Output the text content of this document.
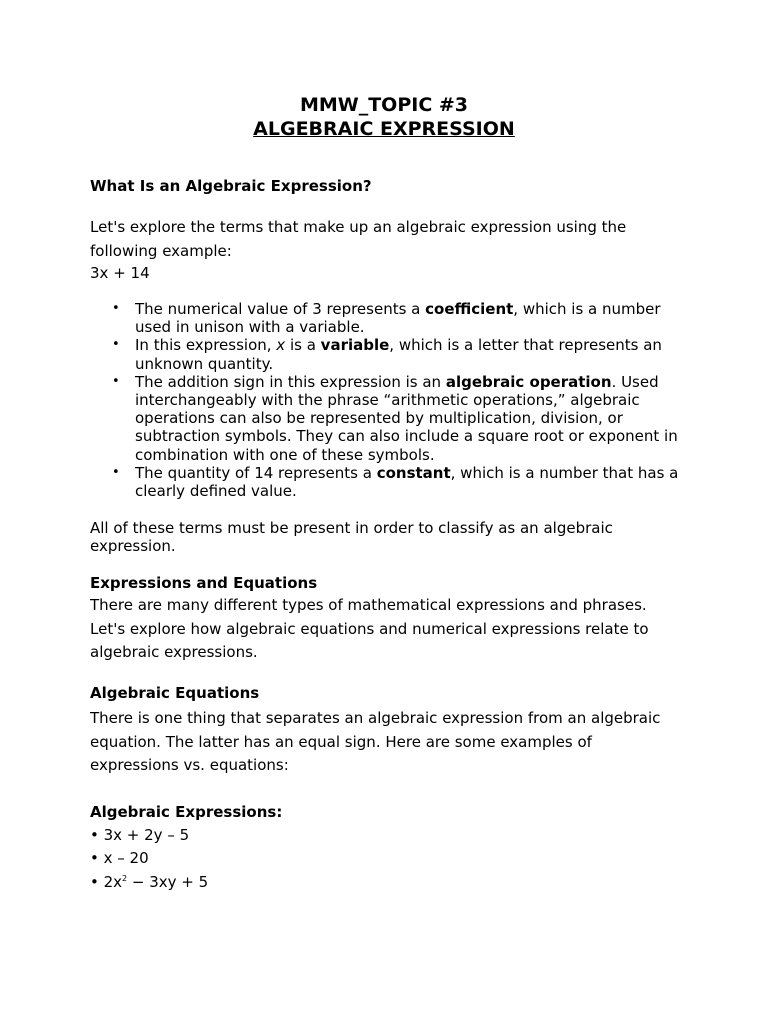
MMW_TOPIC #3
ALGEBRAIC EXPRESSION
What Is an Algebraic Expression?
Let's explore the terms that make up an algebraic expression using the following example:
3x + 14
• The numerical value of 3 represents a coefficient, which is a number used in unison with a variable.
• In this expression, x is a variable, which is a letter that represents an unknown quantity.
• The addition sign in this expression is an algebraic operation. Used interchangeably with the phrase “arithmetic operations,” algebraic operations can also be represented by multiplication, division, or subtraction symbols. They can also include a square root or exponent in combination with one of these symbols.
• The quantity of 14 represents a constant, which is a number that has a clearly defined value.
All of these terms must be present in order to classify as an algebraic expression.
Expressions and Equations
There are many different types of mathematical expressions and phrases. Let's explore how algebraic equations and numerical expressions relate to algebraic expressions.
Algebraic Equations
There is one thing that separates an algebraic expression from an algebraic equation. The latter has an equal sign. Here are some examples of expressions vs. equations:
Algebraic Expressions:
• 3x + 2y – 5
• x – 20
• $2x^2 - 3xy + 5$
